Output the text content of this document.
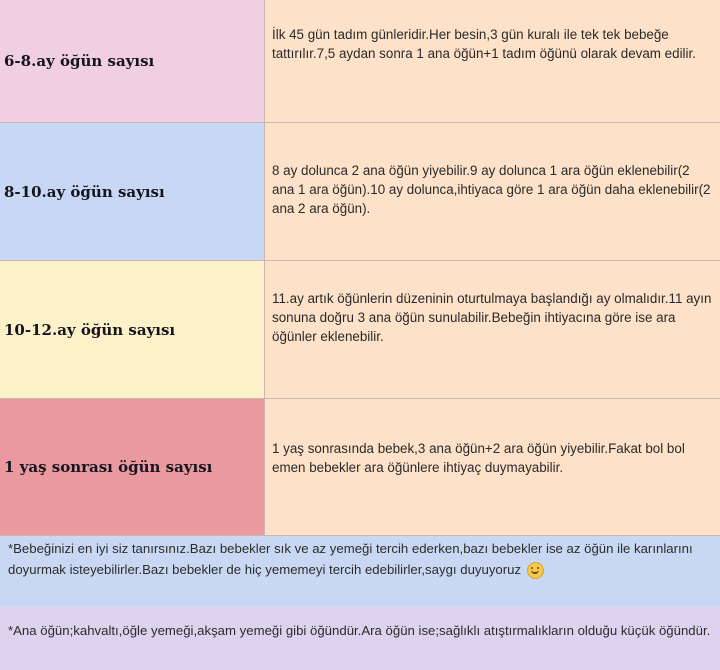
6-8.ay öğün sayısı
İlk 45 gün tadım günleridir.Her besin,3 gün kuralı ile tek tek bebeğe tattırılır.7,5 aydan sonra 1 ana öğün+1 tadım öğünü olarak devam edilir.
8-10.ay öğün sayısı
8 ay dolunca 2 ana öğün yiyebilir.9 ay dolunca 1 ara öğün eklenebilir(2 ana 1 ara öğün).10 ay dolunca,ihtiyaca göre 1 ara öğün daha eklenebilir(2 ana 2 ara öğün).
10-12.ay öğün sayısı
11.ay artık öğünlerin düzeninin oturtulmaya başlandığı ay olmalıdır.11 ayın sonuna doğru 3 ana öğün sunulabilir.Bebeğin ihtiyacına göre ise ara öğünler eklenebilir.
1 yaş sonrası öğün sayısı
1 yaş sonrasında bebek,3 ana öğün+2 ara öğün yiyebilir.Fakat bol bol emen bebekler ara öğünlere ihtiyaç duymayabilir.
*Bebeğinizi en iyi siz tanırsınız.Bazı bebekler sık ve az yemeği tercih ederken,bazı bebekler ise az öğün ile karınlarını doyurmak isteyebilirler.Bazı bebekler de hiç yememeyi tercih edebilirler,saygı duyuyoruz
*Ana öğün;kahvaltı,öğle yemeği,akşam yemeği gibi öğündür.Ara öğün ise;sağlıklı atıştırmalıkların olduğu küçük öğündür.
